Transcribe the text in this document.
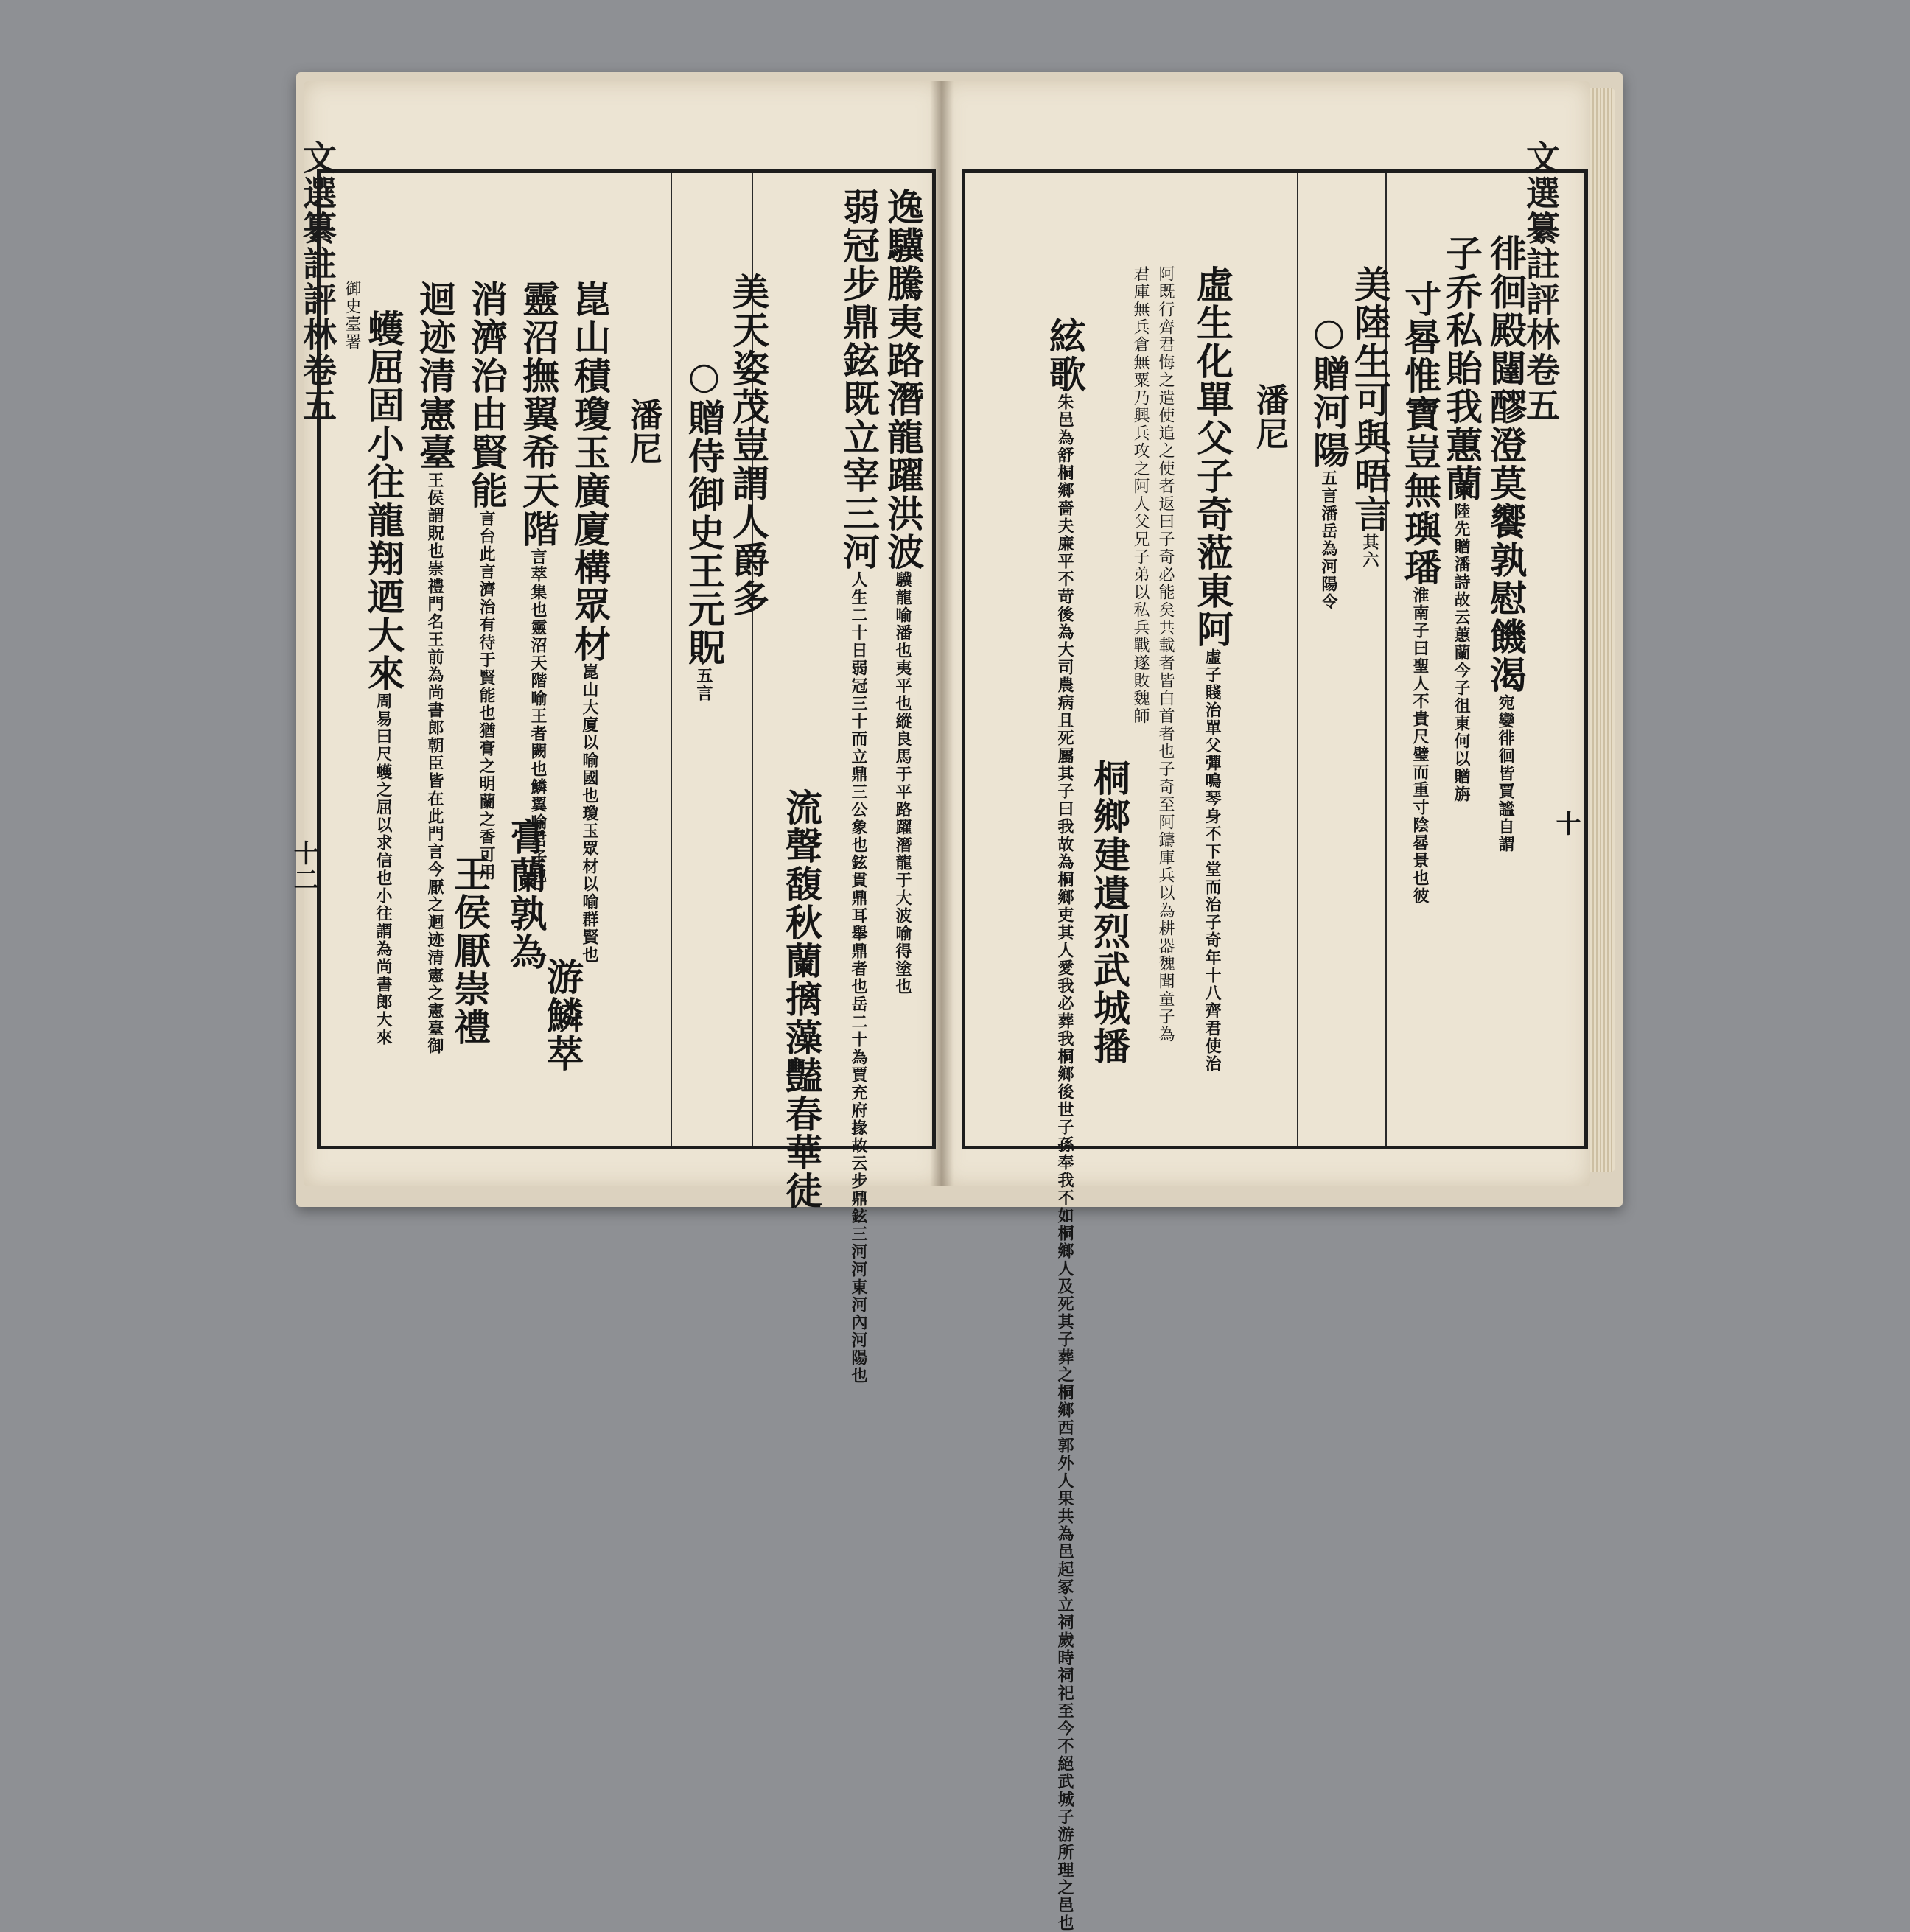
文選纂註評林卷五
文選纂註評林卷五
十
十二
徘徊殿闥醪澄莫饗孰慰饑渴宛孌徘徊皆賈謐自謂
子乔私貽我蕙蘭陸先贈潘詩故云蕙蘭今子徂東何以贈旃
寸晷惟寶豈無璵璠淮南子曰聖人不貴尺璧而重寸陰晷景也彼
美陸生可與晤言其六
○贈河陽五言潘岳為河陽令
潘尼
虛生化單父子奇蒞東阿虛子賤治單父彈鳴琴身不下堂而治子奇年十八齊君使治
阿既行齊君悔之遣使追之使者返曰子奇必能矣共載者皆白首者也子奇至阿鑄庫兵以為耕器魏聞童子為
君庫無兵倉無粟乃興兵攻之阿人父兄子弟以私兵戰遂敗魏師
桐鄉建遺烈武城播
絃歌朱邑為舒桐鄉嗇夫廉平不苛後為大司農病且死屬其子曰我故為桐鄉吏其人愛我必葬我桐鄉後世子孫奉我不如桐鄉人及死其子葬之桐鄉西郭外人果共為邑起冢立祠歲時祠祀至今不絕武城子游所理之邑也
逸驥騰夷路潛龍躍洪波驥龍喻潘也夷平也縱良馬于平路躍潛龍于大波喻得塗也
弱冠步鼎鉉既立宰三河人生二十日弱冠三十而立鼎三公象也鉉貫鼎耳舉鼎者也岳二十為賈充府掾故云步鼎鉉三河河東河內河陽也
流聲馥秋蘭摛藻豔春華徒
美天姿茂豈謂人爵多
○贈侍御史王元貺五言
潘尼
崑山積瓊玉廣廈構眾材崑山大廈以喻國也瓊玉眾材以喻群賢也
游鱗萃
靈沼撫翼希天階言萃集也靈沼天階喻王者闕也鱗翼喻君子也
膏蘭孰為
消濟治由賢能言台此言濟治有待于賢能也猶膏之明蘭之香可用
王侯厭崇禮
迴迹清憲臺王侯謂貺也崇禮門名王前為尚書郎朝臣皆在此門言今厭之迴迹清憲之憲臺御
蠖屈固小往龍翔迺大來周易曰尺蠖之屈以求信也小往謂為尚書郎大來
御史臺署
